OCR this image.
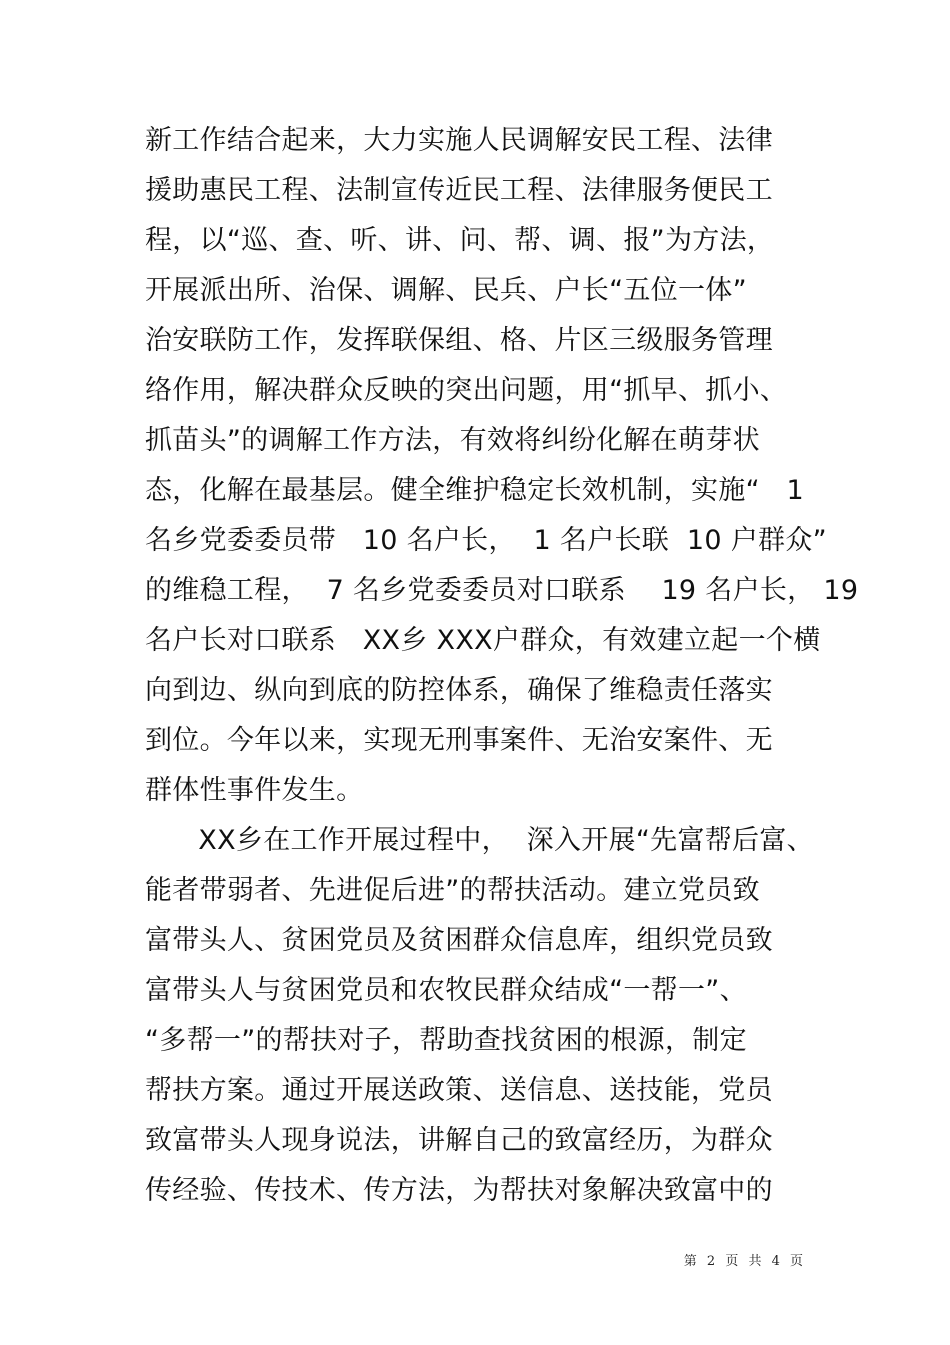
新工作结合起来，大力实施人民调解安民工程、法律
援助惠民工程、法制宣传近民工程、法律服务便民工
程，以“巡、查、听、讲、问、帮、调、报”为方法，
开展派出所、治保、调解、民兵、户长“五位一体”
治安联防工作，发挥联保组、格、片区三级服务管理
络作用，解决群众反映的突出问题，用“抓早、抓小、
抓苗头”的调解工作方法，有效将纠纷化解在萌芽状
态，化解在最基层。健全维护稳定长效机制，实施“   1
名乡党委委员带   10 名户长，  1 名户长联  10 户群众”
的维稳工程，  7 名乡党委委员对口联系    19 名户长， 19
名户长对口联系   XX乡 XXX户群众，有效建立起一个横
向到边、纵向到底的防控体系，确保了维稳责任落实
到位。今年以来，实现无刑事案件、无治安案件、无
群体性事件发生。
XX乡在工作开展过程中，  深入开展“先富帮后富、
能者带弱者、先进促后进”的帮扶活动。建立党员致
富带头人、贫困党员及贫困群众信息库，组织党员致
富带头人与贫困党员和农牧民群众结成“一帮一”、
“多帮一”的帮扶对子，帮助查找贫困的根源，制定
帮扶方案。通过开展送政策、送信息、送技能，党员
致富带头人现身说法，讲解自己的致富经历，为群众
传经验、传技术、传方法，为帮扶对象解决致富中的
第 2 页 共 4 页
